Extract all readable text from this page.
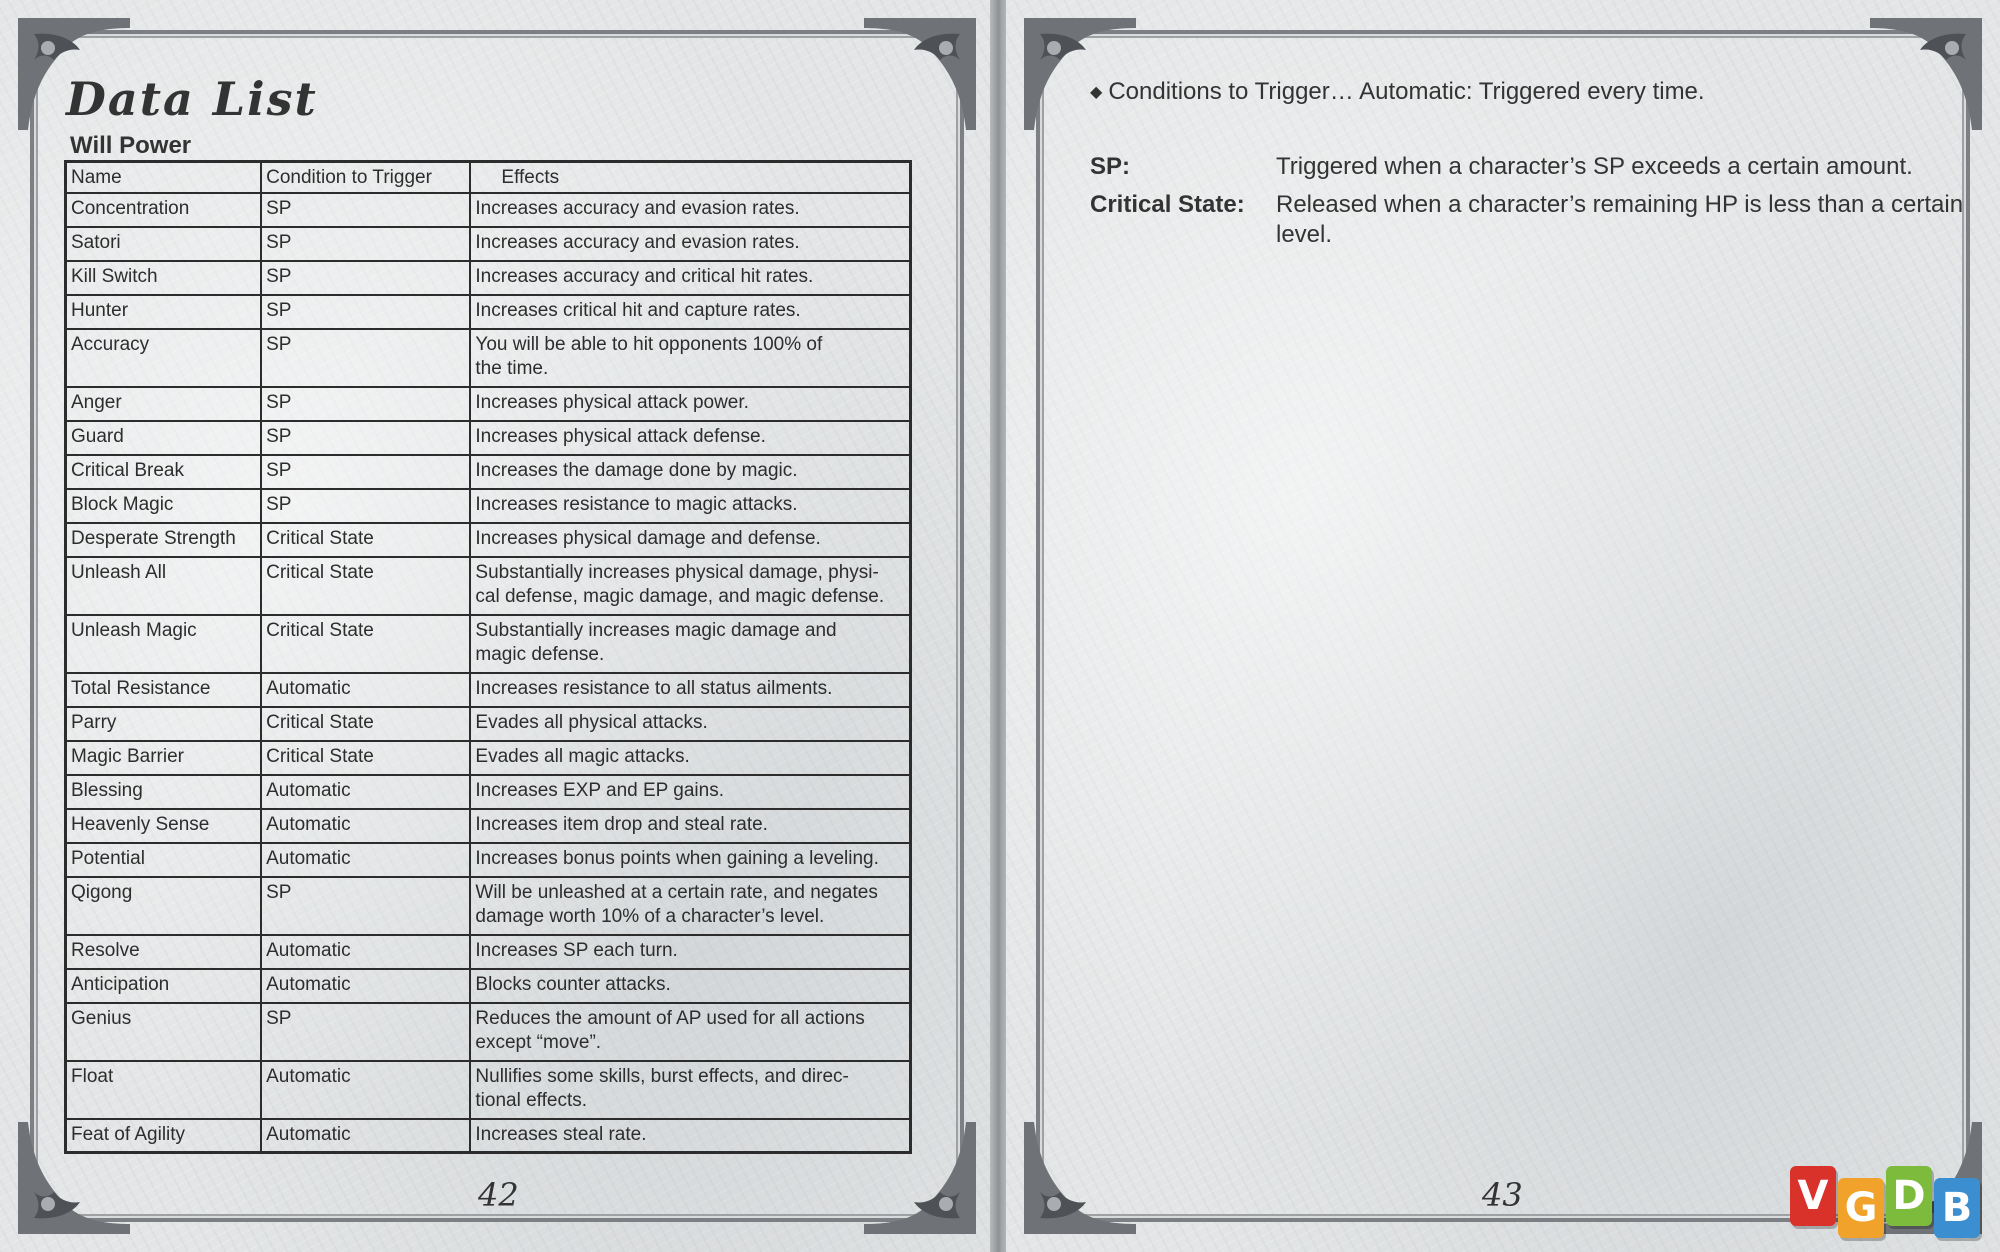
Data List
Will Power
Name	Condition to Trigger	Effects
Concentration	SP	Increases accuracy and evasion rates.
Satori	SP	Increases accuracy and evasion rates.
Kill Switch	SP	Increases accuracy and critical hit rates.
Hunter	SP	Increases critical hit and capture rates.
Accuracy	SP	You will be able to hit opponents 100% of
the time.
Anger	SP	Increases physical attack power.
Guard	SP	Increases physical attack defense.
Critical Break	SP	Increases the damage done by magic.
Block Magic	SP	Increases resistance to magic attacks.
Desperate Strength	Critical State	Increases physical damage and defense.
Unleash All	Critical State	Substantially increases physical damage, physi-
cal defense, magic damage, and magic defense.
Unleash Magic	Critical State	Substantially increases magic damage and
magic defense.
Total Resistance	Automatic	Increases resistance to all status ailments.
Parry	Critical State	Evades all physical attacks.
Magic Barrier	Critical State	Evades all magic attacks.
Blessing	Automatic	Increases EXP and EP gains.
Heavenly Sense	Automatic	Increases item drop and steal rate.
Potential	Automatic	Increases bonus points when gaining a leveling.
Qigong	SP	Will be unleashed at a certain rate, and negates
damage worth 10% of a character’s level.
Resolve	Automatic	Increases SP each turn.
Anticipation	Automatic	Blocks counter attacks.
Genius	SP	Reduces the amount of AP used for all actions
except “move”.
Float	Automatic	Nullifies some skills, burst effects, and direc-
tional effects.
Feat of Agility	Automatic	Increases steal rate.
42
◆ Conditions to Trigger… Automatic: Triggered every time.
SP:	Triggered when a character’s SP exceeds a certain amount.
Critical State:	Released when a character’s remaining HP is less than a certain level.
43	V G D B
